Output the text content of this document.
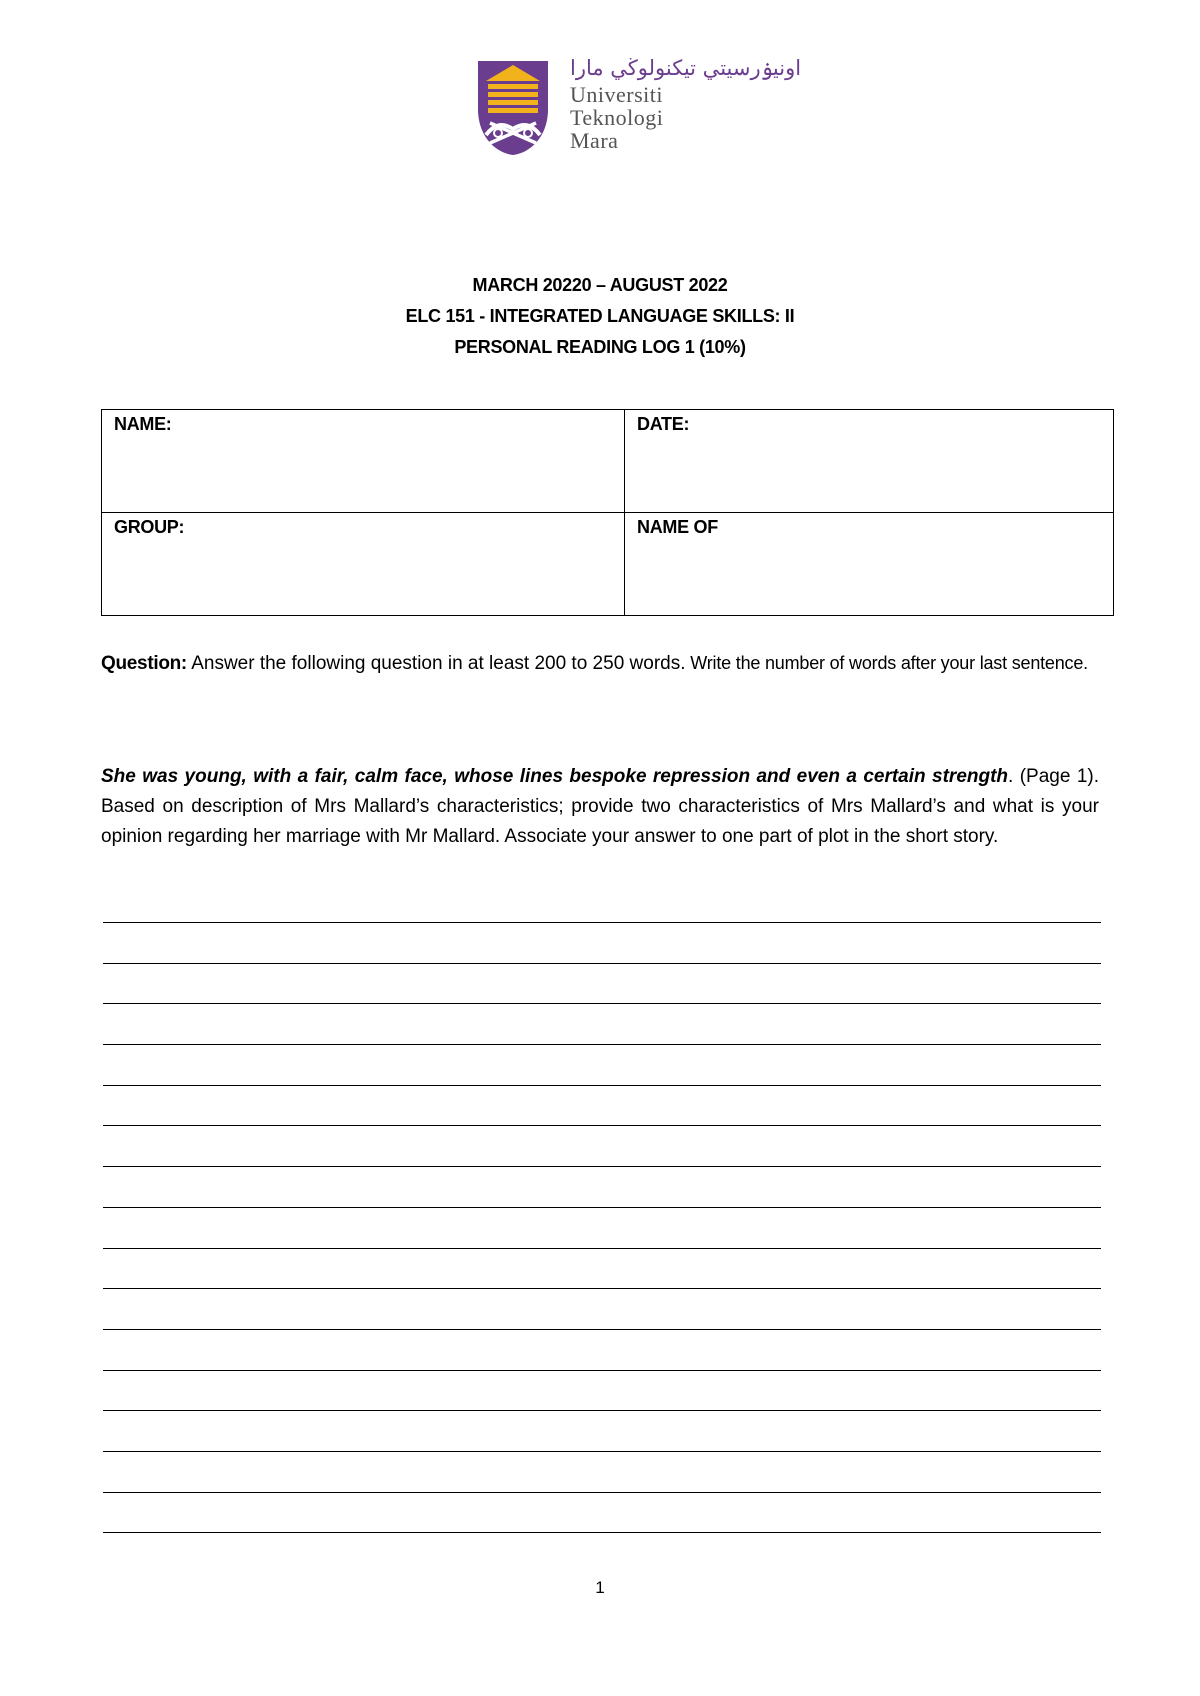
اونيۏرسيتي تيكنولوڬي مارا
Universiti
Teknologi
Mara
MARCH 20220 – AUGUST 2022
ELC 151 - INTEGRATED LANGUAGE SKILLS: II
PERSONAL READING LOG 1 (10%)
NAME:	DATE:
GROUP:	NAME OF
Question: Answer the following question in at least 200 to 250 words. Write the number of words after your last sentence.
She was young, with a fair, calm face, whose lines bespoke repression and even a certain strength. (Page 1). Based on description of Mrs Mallard’s characteristics; provide two characteristics of Mrs Mallard’s and what is your opinion regarding her marriage with Mr Mallard. Associate your answer to one part of plot in the short story.
1
